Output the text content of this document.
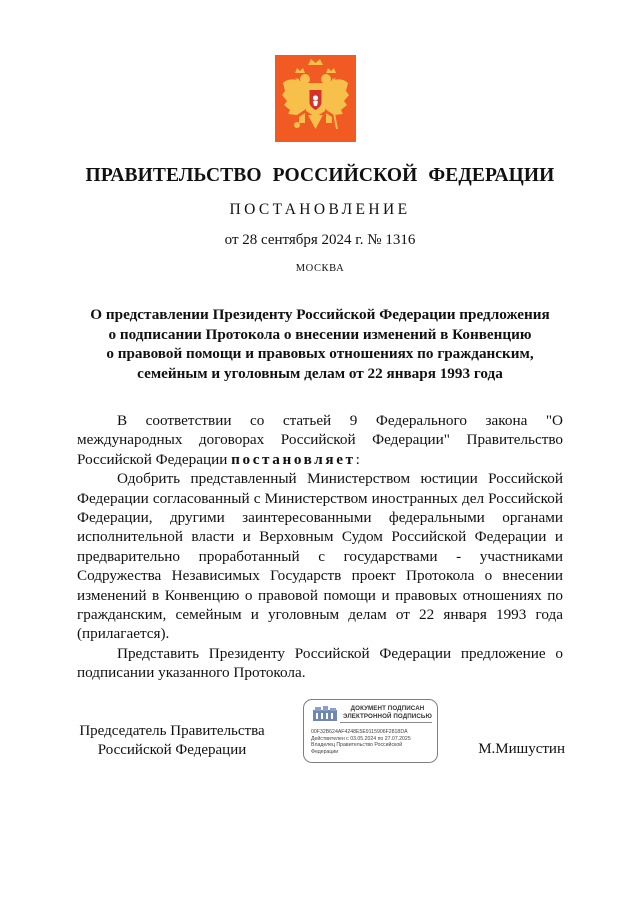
ПРАВИТЕЛЬСТВО РОССИЙСКОЙ ФЕДЕРАЦИИ
ПОСТАНОВЛЕНИЕ
от 28 сентября 2024 г. № 1316
МОСКВА
О представлении Президенту Российской Федерации предложения
о подписании Протокола о внесении изменений в Конвенцию
о правовой помощи и правовых отношениях по гражданским,
семейным и уголовным делам от 22 января 1993 года

В соответствии со статьей 9 Федерального закона "О международных договорах Российской Федерации" Правительство Российской Федерации постановляет:

Одобрить представленный Министерством юстиции Российской Федерации согласованный с Министерством иностранных дел Российской Федерации, другими заинтересованными федеральными органами исполнительной власти и Верховным Судом Российской Федерации и предварительно проработанный с государствами - участниками Содружества Независимых Государств проект Протокола о внесении изменений в Конвенцию о правовой помощи и правовых отношениях по гражданским, семейным и уголовным делам от 22 января 1993 года (прилагается).

Представить Президенту Российской Федерации предложение о подписании указанного Протокола.

Председатель Правительства
Российской Федерации
ДОКУМЕНТ ПОДПИСАН
ЭЛЕКТРОННОЙ ПОДПИСЬЮ
00F32B624AF4248E5E9115906F2818DA
Действителен с 03.05.2024 по 27.07.2025
Владелец Правительство Российской
Федерации	М.Мишустин
